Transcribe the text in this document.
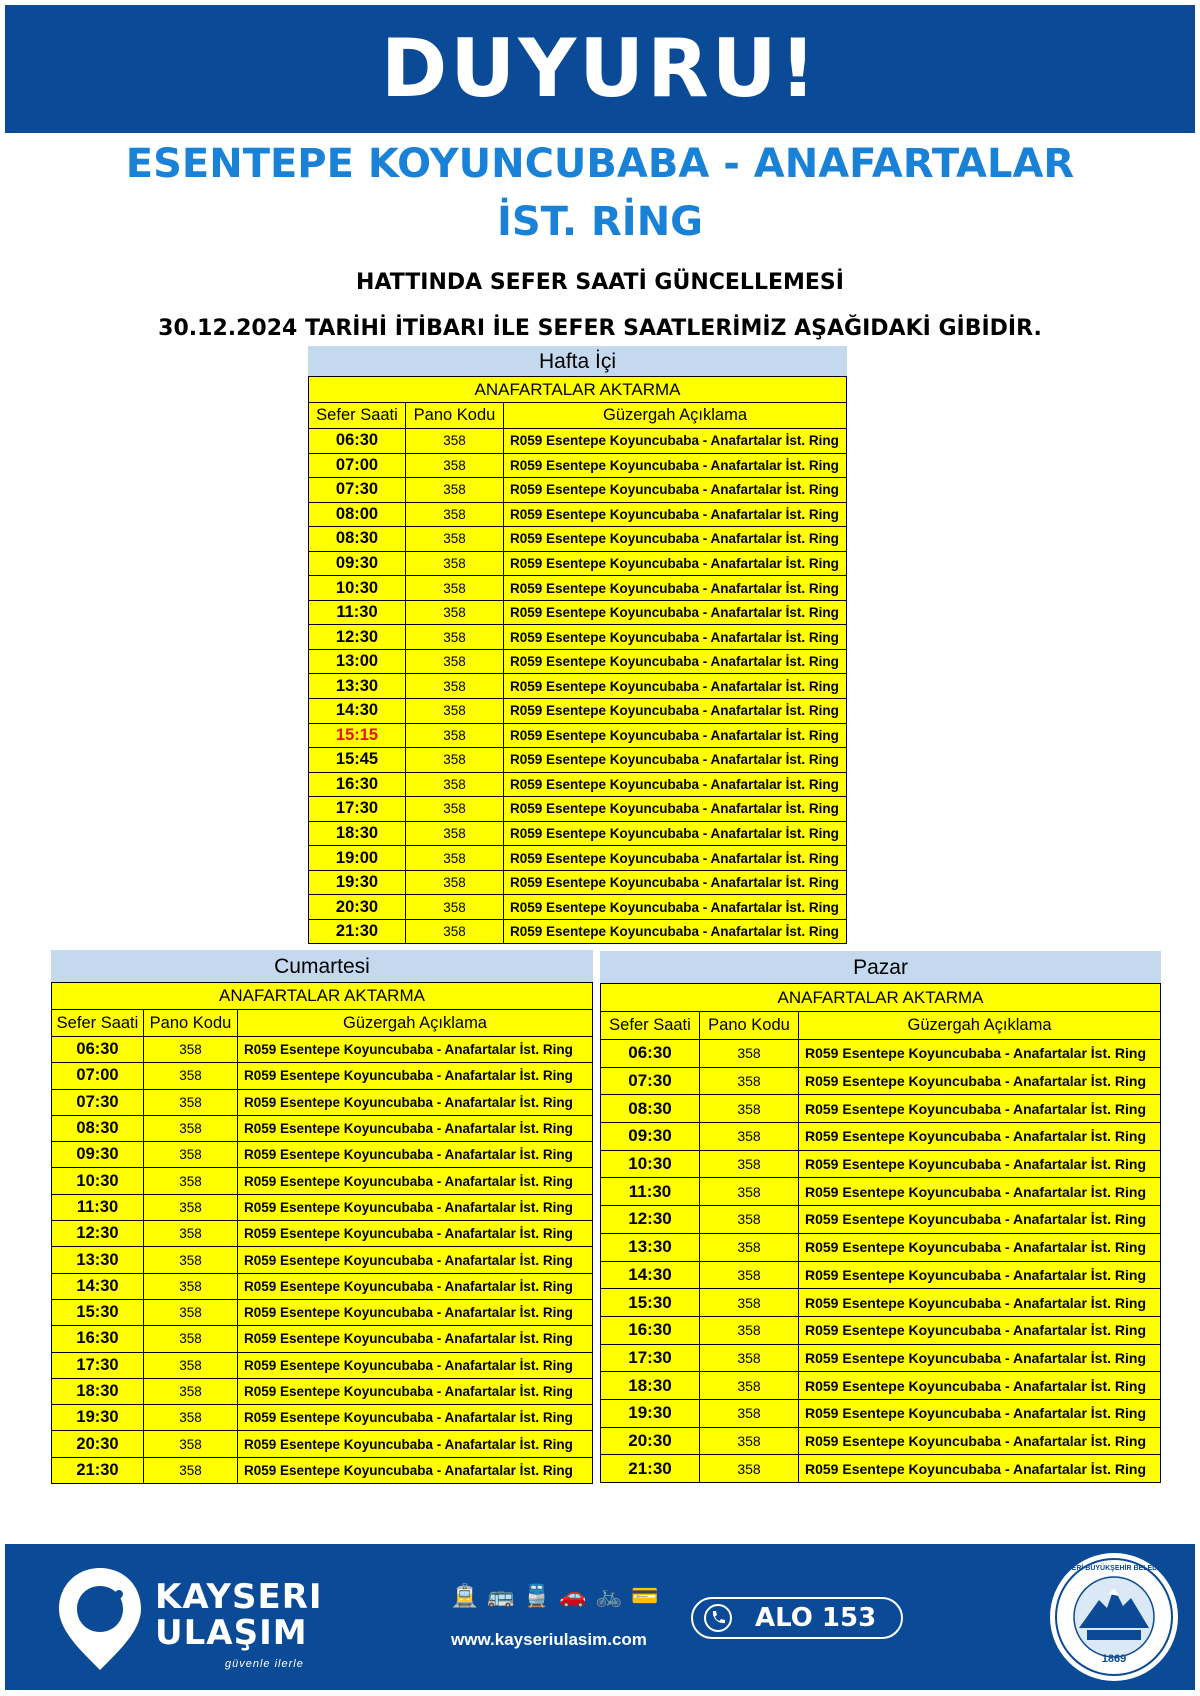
DUYURU!
ESENTEPE KOYUNCUBABA - ANAFARTALAR
İST. RİNG
HATTINDA SEFER SAATİ GÜNCELLEMESİ
30.12.2024 TARİHİ İTİBARI İLE SEFER SAATLERİMİZ AŞAĞIDAKİ GİBİDİR.
Hafta İçi		
ANAFARTALAR AKTARMA		
Sefer Saati	Pano Kodu	Güzergah Açıklama
06:30	358	R059 Esentepe Koyuncubaba - Anafartalar İst. Ring
07:00	358	R059 Esentepe Koyuncubaba - Anafartalar İst. Ring
07:30	358	R059 Esentepe Koyuncubaba - Anafartalar İst. Ring
08:00	358	R059 Esentepe Koyuncubaba - Anafartalar İst. Ring
08:30	358	R059 Esentepe Koyuncubaba - Anafartalar İst. Ring
09:30	358	R059 Esentepe Koyuncubaba - Anafartalar İst. Ring
10:30	358	R059 Esentepe Koyuncubaba - Anafartalar İst. Ring
11:30	358	R059 Esentepe Koyuncubaba - Anafartalar İst. Ring
12:30	358	R059 Esentepe Koyuncubaba - Anafartalar İst. Ring
13:00	358	R059 Esentepe Koyuncubaba - Anafartalar İst. Ring
13:30	358	R059 Esentepe Koyuncubaba - Anafartalar İst. Ring
14:30	358	R059 Esentepe Koyuncubaba - Anafartalar İst. Ring
15:15	358	R059 Esentepe Koyuncubaba - Anafartalar İst. Ring
15:45	358	R059 Esentepe Koyuncubaba - Anafartalar İst. Ring
16:30	358	R059 Esentepe Koyuncubaba - Anafartalar İst. Ring
17:30	358	R059 Esentepe Koyuncubaba - Anafartalar İst. Ring
18:30	358	R059 Esentepe Koyuncubaba - Anafartalar İst. Ring
19:00	358	R059 Esentepe Koyuncubaba - Anafartalar İst. Ring
19:30	358	R059 Esentepe Koyuncubaba - Anafartalar İst. Ring
20:30	358	R059 Esentepe Koyuncubaba - Anafartalar İst. Ring
21:30	358	R059 Esentepe Koyuncubaba - Anafartalar İst. Ring
Cumartesi		
ANAFARTALAR AKTARMA		
Sefer Saati	Pano Kodu	Güzergah Açıklama
06:30	358	R059 Esentepe Koyuncubaba - Anafartalar İst. Ring
07:00	358	R059 Esentepe Koyuncubaba - Anafartalar İst. Ring
07:30	358	R059 Esentepe Koyuncubaba - Anafartalar İst. Ring
08:30	358	R059 Esentepe Koyuncubaba - Anafartalar İst. Ring
09:30	358	R059 Esentepe Koyuncubaba - Anafartalar İst. Ring
10:30	358	R059 Esentepe Koyuncubaba - Anafartalar İst. Ring
11:30	358	R059 Esentepe Koyuncubaba - Anafartalar İst. Ring
12:30	358	R059 Esentepe Koyuncubaba - Anafartalar İst. Ring
13:30	358	R059 Esentepe Koyuncubaba - Anafartalar İst. Ring
14:30	358	R059 Esentepe Koyuncubaba - Anafartalar İst. Ring
15:30	358	R059 Esentepe Koyuncubaba - Anafartalar İst. Ring
16:30	358	R059 Esentepe Koyuncubaba - Anafartalar İst. Ring
17:30	358	R059 Esentepe Koyuncubaba - Anafartalar İst. Ring
18:30	358	R059 Esentepe Koyuncubaba - Anafartalar İst. Ring
19:30	358	R059 Esentepe Koyuncubaba - Anafartalar İst. Ring
20:30	358	R059 Esentepe Koyuncubaba - Anafartalar İst. Ring
21:30	358	R059 Esentepe Koyuncubaba - Anafartalar İst. Ring
Pazar		
ANAFARTALAR AKTARMA		
Sefer Saati	Pano Kodu	Güzergah Açıklama
06:30	358	R059 Esentepe Koyuncubaba - Anafartalar İst. Ring
07:30	358	R059 Esentepe Koyuncubaba - Anafartalar İst. Ring
08:30	358	R059 Esentepe Koyuncubaba - Anafartalar İst. Ring
09:30	358	R059 Esentepe Koyuncubaba - Anafartalar İst. Ring
10:30	358	R059 Esentepe Koyuncubaba - Anafartalar İst. Ring
11:30	358	R059 Esentepe Koyuncubaba - Anafartalar İst. Ring
12:30	358	R059 Esentepe Koyuncubaba - Anafartalar İst. Ring
13:30	358	R059 Esentepe Koyuncubaba - Anafartalar İst. Ring
14:30	358	R059 Esentepe Koyuncubaba - Anafartalar İst. Ring
15:30	358	R059 Esentepe Koyuncubaba - Anafartalar İst. Ring
16:30	358	R059 Esentepe Koyuncubaba - Anafartalar İst. Ring
17:30	358	R059 Esentepe Koyuncubaba - Anafartalar İst. Ring
18:30	358	R059 Esentepe Koyuncubaba - Anafartalar İst. Ring
19:30	358	R059 Esentepe Koyuncubaba - Anafartalar İst. Ring
20:30	358	R059 Esentepe Koyuncubaba - Anafartalar İst. Ring
21:30	358	R059 Esentepe Koyuncubaba - Anafartalar İst. Ring
KAYSERI
ULAŞIM
güvenle ilerle
🚊 🚌 🚆 🚗 🚲 💳
www.kayseriulasim.com
ALO 153
1869
KAYSERİ BÜYÜKŞEHİR BELEDİYESİ
